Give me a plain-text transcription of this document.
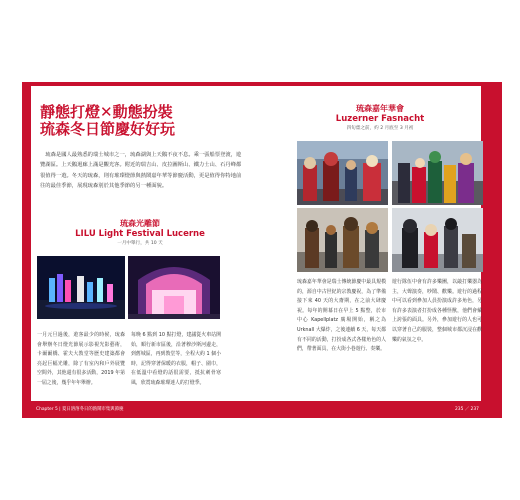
靜態打燈✕動態扮裝
琉森冬日節慶好好玩

琉森是國人最熟悉的瑞士城市之一，琉森湖與上天鵝不夜不息。乘一張船票登渡，遊覽湖區。上天鵝迴廊上滿是觀光客。附近的瑞吉山、皮拉圖斯山、鐵力士山、石丹峰都很值得一遊。冬天的琉森，則有璀璨燈節與熱鬧嘉年華等節慶活動，更是值得你特地前往的最佳季節，展現琉森別於其他季節的另一種面貌。

琉森光雕節
LILU Light Festival Lucerne
一月中舉行，共 10 天

一月元旦過後，遊客最少的時候，琉森會舉辦冬日燈光節展示影視光影藝術，卡爾爾橋、霍夫大教堂等歷史建築都會亮起巨幅光雕，除了有室內和戶外展覽空間外，其他還有很多活動，2019 年第一屆之後，幾乎年年舉辦。

每晚 6 點到 10 點打燈，建議從火車站開始，順行新市區後，沿著穆沙斯河邊走，到舊城區，再到教堂等，全程大約 1 個小時，記得穿著保暖的衣服，帽子、圍巾，在低溫中看燈的話很需要，抵抗刺骨寒風，欣賞琉森璀璨迷人的打燈季。

琉森嘉年華會
Luzerner Fasnacht
四旬齋之前，約 2 月底至 3 月初

琉森嘉年華會是瑞士傳統節慶中最具規模的，源自中古世紀的宗教慶祝，為了準備接下來 40 天的大齋期，在之前大肆慶祝。每年的開幕日在早上 5 點整，於市中心 Kapellplatz 廣場開始，稱之為 Urknall 大爆炸，之後連續 6 天，每天都有不同的活動，打扮成各式各樣角色的人們，帶著面具，在大街小巷遊行、奏樂。

遊行隊伍中會有許多樂團，以敲打樂器為主，大聲演奏，吵鬧、歡樂。遊行的過程中可以看到參加人員扮演成許多角色，另有許多表演者打扮成各種怪獸，他們會戴上誇張的面具。另外，參加遊行的人也可以穿著自己的服裝，整個城市都沉浸在歡樂的氣氛之中。

Chapter 5 | 夏日溶溶冬日的熱鬧市集與節慶	235 ／ 237
